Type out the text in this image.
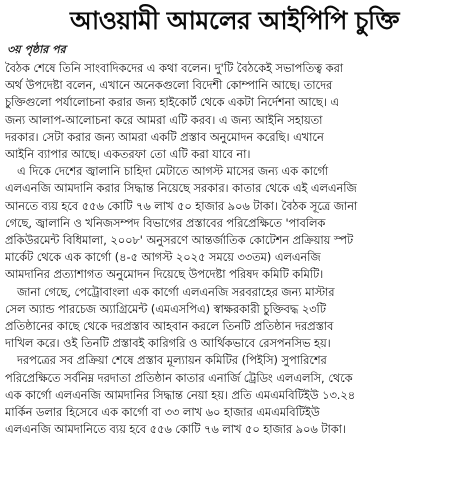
আওয়ামী আমলের আইপিপি চুক্তি
৩য় পৃষ্ঠার পর

বৈঠক শেষে তিনি সাংবাদিকদের এ কথা বলেন। দু'টি বৈঠকেই সভাপতিত্ব করা
অর্থ উপদেষ্টা বলেন, এখানে অনেকগুলো বিদেশী কোম্পানি আছে। তাদের
চুক্তিগুলো পর্যালোচনা করার জন্য হাইকোর্ট থেকে একটা নির্দেশনা আছে। এ
জন্য আলাপ-আলোচনা করে আমরা এটি করব। এ জন্য আইনি সহায়তা
দরকার। সেটা করার জন্য আমরা একটি প্রস্তাব অনুমোদন করেছি। এখানে
আইনি ব্যাপার আছে। একতরফা তো এটি করা যাবে না।

এ দিকে দেশের জ্বালানি চাহিদা মেটাতে আগস্ট মাসের জন্য এক কার্গো
এলএনজি আমদানি করার সিদ্ধান্ত নিয়েছে সরকার। কাতার থেকে এই এলএনজি
আনতে ব্যয় হবে ৫৫৬ কোটি ৭৬ লাখ ৫০ হাজার ৯০৬ টাকা। বৈঠক সূত্রে জানা
গেছে, জ্বালানি ও খনিজসম্পদ বিভাগের প্রস্তাবের পরিপ্রেক্ষিতে 'পাবলিক
প্রকিউরমেন্ট বিধিমালা, ২০০৮' অনুসরণে আন্তর্জাতিক কোটেশন প্রক্রিয়ায় স্পট
মার্কেট থেকে এক কার্গো (৪-৫ আগস্ট ২০২৫ সময়ে ৩৩তম) এলএনজি
আমদানির প্রত্যাশাগত অনুমোদন দিয়েছে উপদেষ্টা পরিষদ কমিটি কমিটি।

জানা গেছে, পেট্রোবাংলা এক কার্গো এলএনজি সরবরাহের জন্য মাস্টার
সেল অ্যান্ড পারচেজ অ্যাগ্রিমেন্ট (এমএসপিএ) স্বাক্ষরকারী চুক্তিবদ্ধ ২৩টি
প্রতিষ্ঠানের কাছে থেকে দরপ্রস্তাব আহবান করলে তিনটি প্রতিষ্ঠান দরপ্রস্তাব
দাখিল করে। ওই তিনটি প্রস্তাবই কারিগরি ও আর্থিকভাবে রেসপনসিভ হয়।

দরপত্রের সব প্রক্রিয়া শেষে প্রস্তাব মূল্যায়ন কমিটির (পিইসি) সুপারিশের
পরিপ্রেক্ষিতে সর্বনিম্ন দরদাতা প্রতিষ্ঠান কাতার এনার্জি ট্রেডিং এলএলসি, থেকে
এক কার্গো এলএনজি আমদানির সিদ্ধান্ত নেয়া হয়। প্রতি এমএমবিটিইউ ১৩.২৪
মার্কিন ডলার হিসেবে এক কার্গো বা ৩৩ লাখ ৬০ হাজার এমএমবিটিইউ
এলএনজি আমদানিতে ব্যয় হবে ৫৫৬ কোটি ৭৬ লাখ ৫০ হাজার ৯০৬ টাকা।
